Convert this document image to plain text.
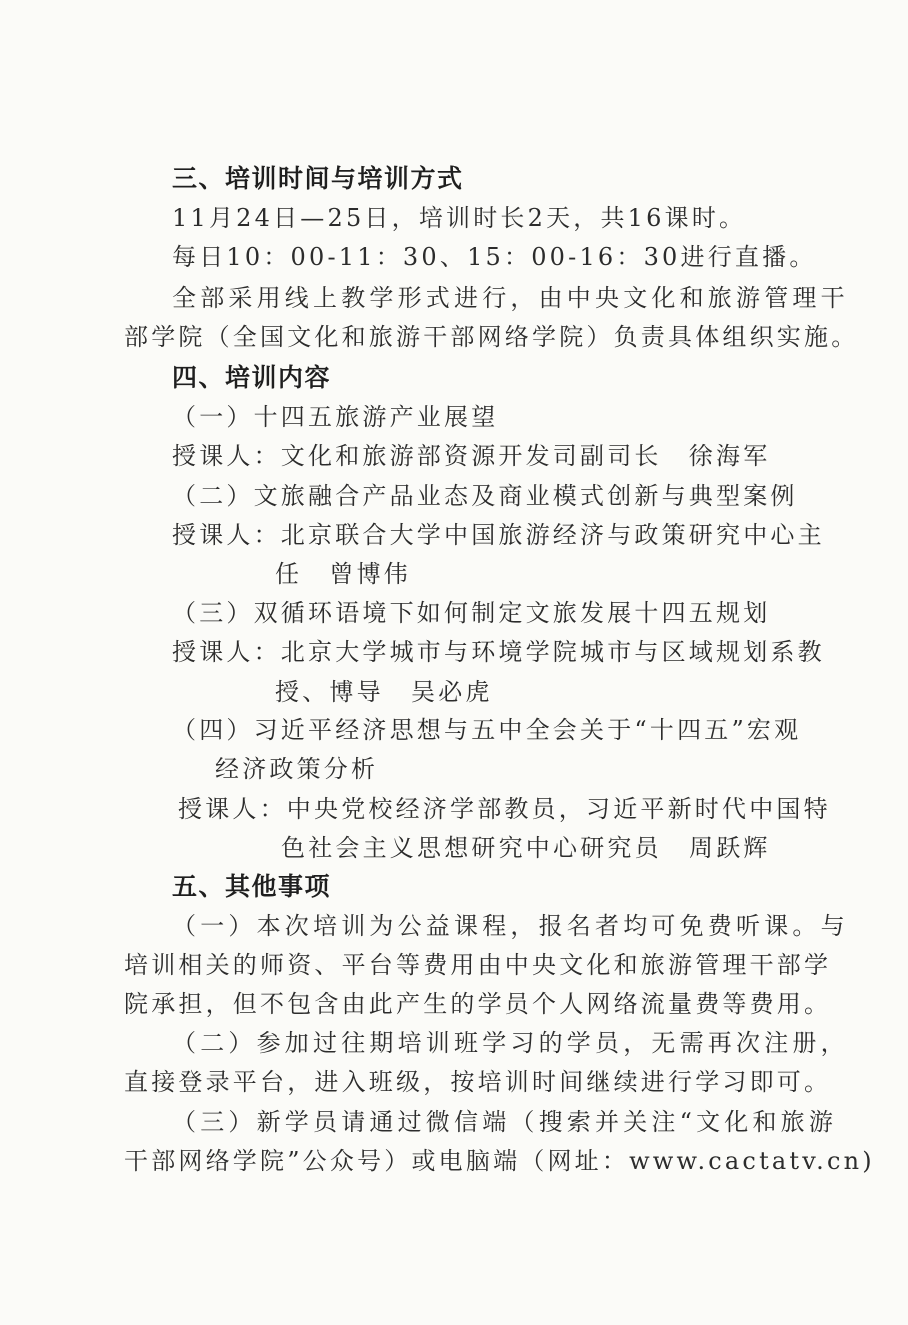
三、培训时间与培训方式
11月24日—25日，培训时长2天，共16课时。
每日10：00-11：30、15：00-16：30进行直播。
全部采用线上教学形式进行，由中央文化和旅游管理干
部学院（全国文化和旅游干部网络学院）负责具体组织实施。
四、培训内容
（一）十四五旅游产业展望
授课人：文化和旅游部资源开发司副司长　徐海军
（二）文旅融合产品业态及商业模式创新与典型案例
授课人：北京联合大学中国旅游经济与政策研究中心主
任　曾博伟
（三）双循环语境下如何制定文旅发展十四五规划
授课人：北京大学城市与环境学院城市与区域规划系教
授、博导　吴必虎
（四）习近平经济思想与五中全会关于“十四五”宏观
经济政策分析
授课人：中央党校经济学部教员，习近平新时代中国特
色社会主义思想研究中心研究员　周跃辉
五、其他事项
（一）本次培训为公益课程，报名者均可免费听课。与
培训相关的师资、平台等费用由中央文化和旅游管理干部学
院承担，但不包含由此产生的学员个人网络流量费等费用。
（二）参加过往期培训班学习的学员，无需再次注册，
直接登录平台，进入班级，按培训时间继续进行学习即可。
（三）新学员请通过微信端（搜索并关注“文化和旅游
干部网络学院”公众号）或电脑端（网址：www.cactatv.cn)
